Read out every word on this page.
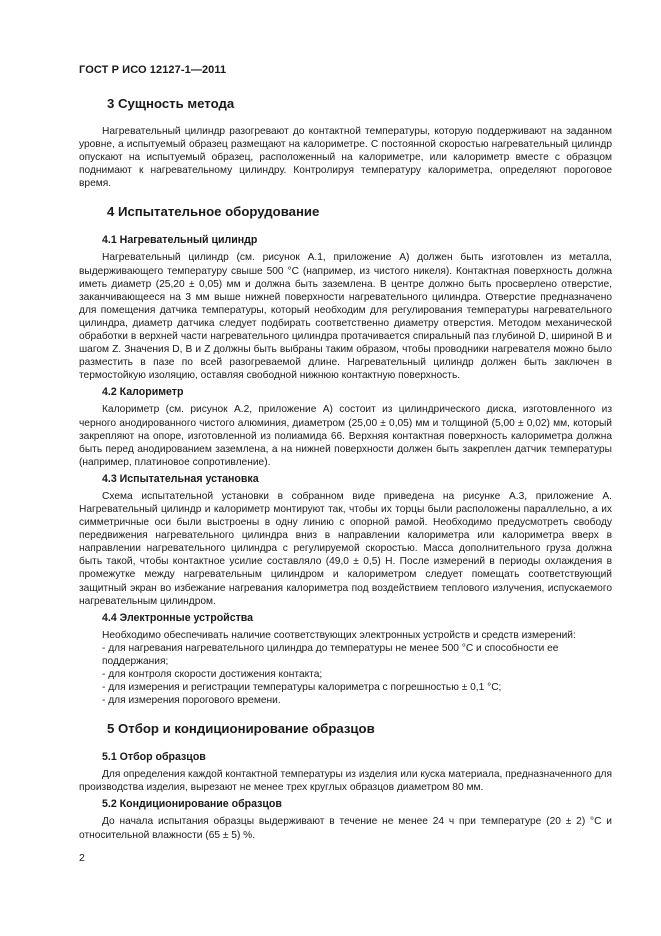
ГОСТ Р ИСО 12127-1—2011
3 Сущность метода

Нагревательный цилиндр разогревают до контактной температуры, которую поддерживают на заданном уровне, а испытуемый образец размещают на калориметре. С постоянной скоростью нагревательный цилиндр опускают на испытуемый образец, расположенный на калориметре, или калориметр вместе с образцом поднимают к нагревательному цилиндру. Контролируя температуру калориметра, определяют пороговое время.

4 Испытательное оборудование
4.1 Нагревательный цилиндр

Нагревательный цилиндр (см. рисунок А.1, приложение А) должен быть изготовлен из металла, выдерживающего температуру свыше 500 °С (например, из чистого никеля). Контактная поверхность должна иметь диаметр (25,20 ± 0,05) мм и должна быть заземлена. В центре должно быть просверлено отверстие, заканчивающееся на 3 мм выше нижней поверхности нагревательного цилиндра. Отверстие предназначено для помещения датчика температуры, который необходим для регулирования температуры нагревательного цилиндра, диаметр датчика следует подбирать соответственно диаметру отверстия. Методом механической обработки в верхней части нагревательного цилиндра протачивается спиральный паз глубиной D, шириной B и шагом Z. Значения D, B и Z должны быть выбраны таким образом, чтобы проводники нагревателя можно было разместить в пазе по всей разогреваемой длине. Нагревательный цилиндр должен быть заключен в термостойкую изоляцию, оставляя свободной нижнюю контактную поверхность.

4.2 Калориметр

Калориметр (см. рисунок А.2, приложение А) состоит из цилиндрического диска, изготовленного из черного анодированного чистого алюминия, диаметром (25,00 ± 0,05) мм и толщиной (5,00 ± 0,02) мм, который закрепляют на опоре, изготовленной из полиамида 66. Верхняя контактная поверхность калориметра должна быть перед анодированием заземлена, а на нижней поверхности должен быть закреплен датчик температуры (например, платиновое сопротивление).

4.3 Испытательная установка

Схема испытательной установки в собранном виде приведена на рисунке А.3, приложение А. Нагревательный цилиндр и калориметр монтируют так, чтобы их торцы были расположены параллельно, а их симметричные оси были выстроены в одну линию с опорной рамой. Необходимо предусмотреть свободу передвижения нагревательного цилиндра вниз в направлении калориметра или калориметра вверх в направлении нагревательного цилиндра с регулируемой скоростью. Масса дополнительного груза должна быть такой, чтобы контактное усилие составляло (49,0 ± 0,5) Н. После измерений в периоды охлаждения в промежутке между нагревательным цилиндром и калориметром следует помещать соответствующий защитный экран во избежание нагревания калориметра под воздействием теплового излучения, испускаемого нагревательным цилиндром.

4.4 Электронные устройства

Необходимо обеспечивать наличие соответствующих электронных устройств и средств измерений:

- для нагревания нагревательного цилиндра до температуры не менее 500 °С и способности ее поддержания;
- для контроля скорости достижения контакта;
- для измерения и регистрации температуры калориметра с погрешностью ± 0,1 °С;
- для измерения порогового времени.
5 Отбор и кондиционирование образцов
5.1 Отбор образцов

Для определения каждой контактной температуры из изделия или куска материала, предназначенного для производства изделия, вырезают не менее трех круглых образцов диаметром 80 мм.

5.2 Кондиционирование образцов

До начала испытания образцы выдерживают в течение не менее 24 ч при температуре (20 ± 2) °С и относительной влажности (65 ± 5) %.

2
